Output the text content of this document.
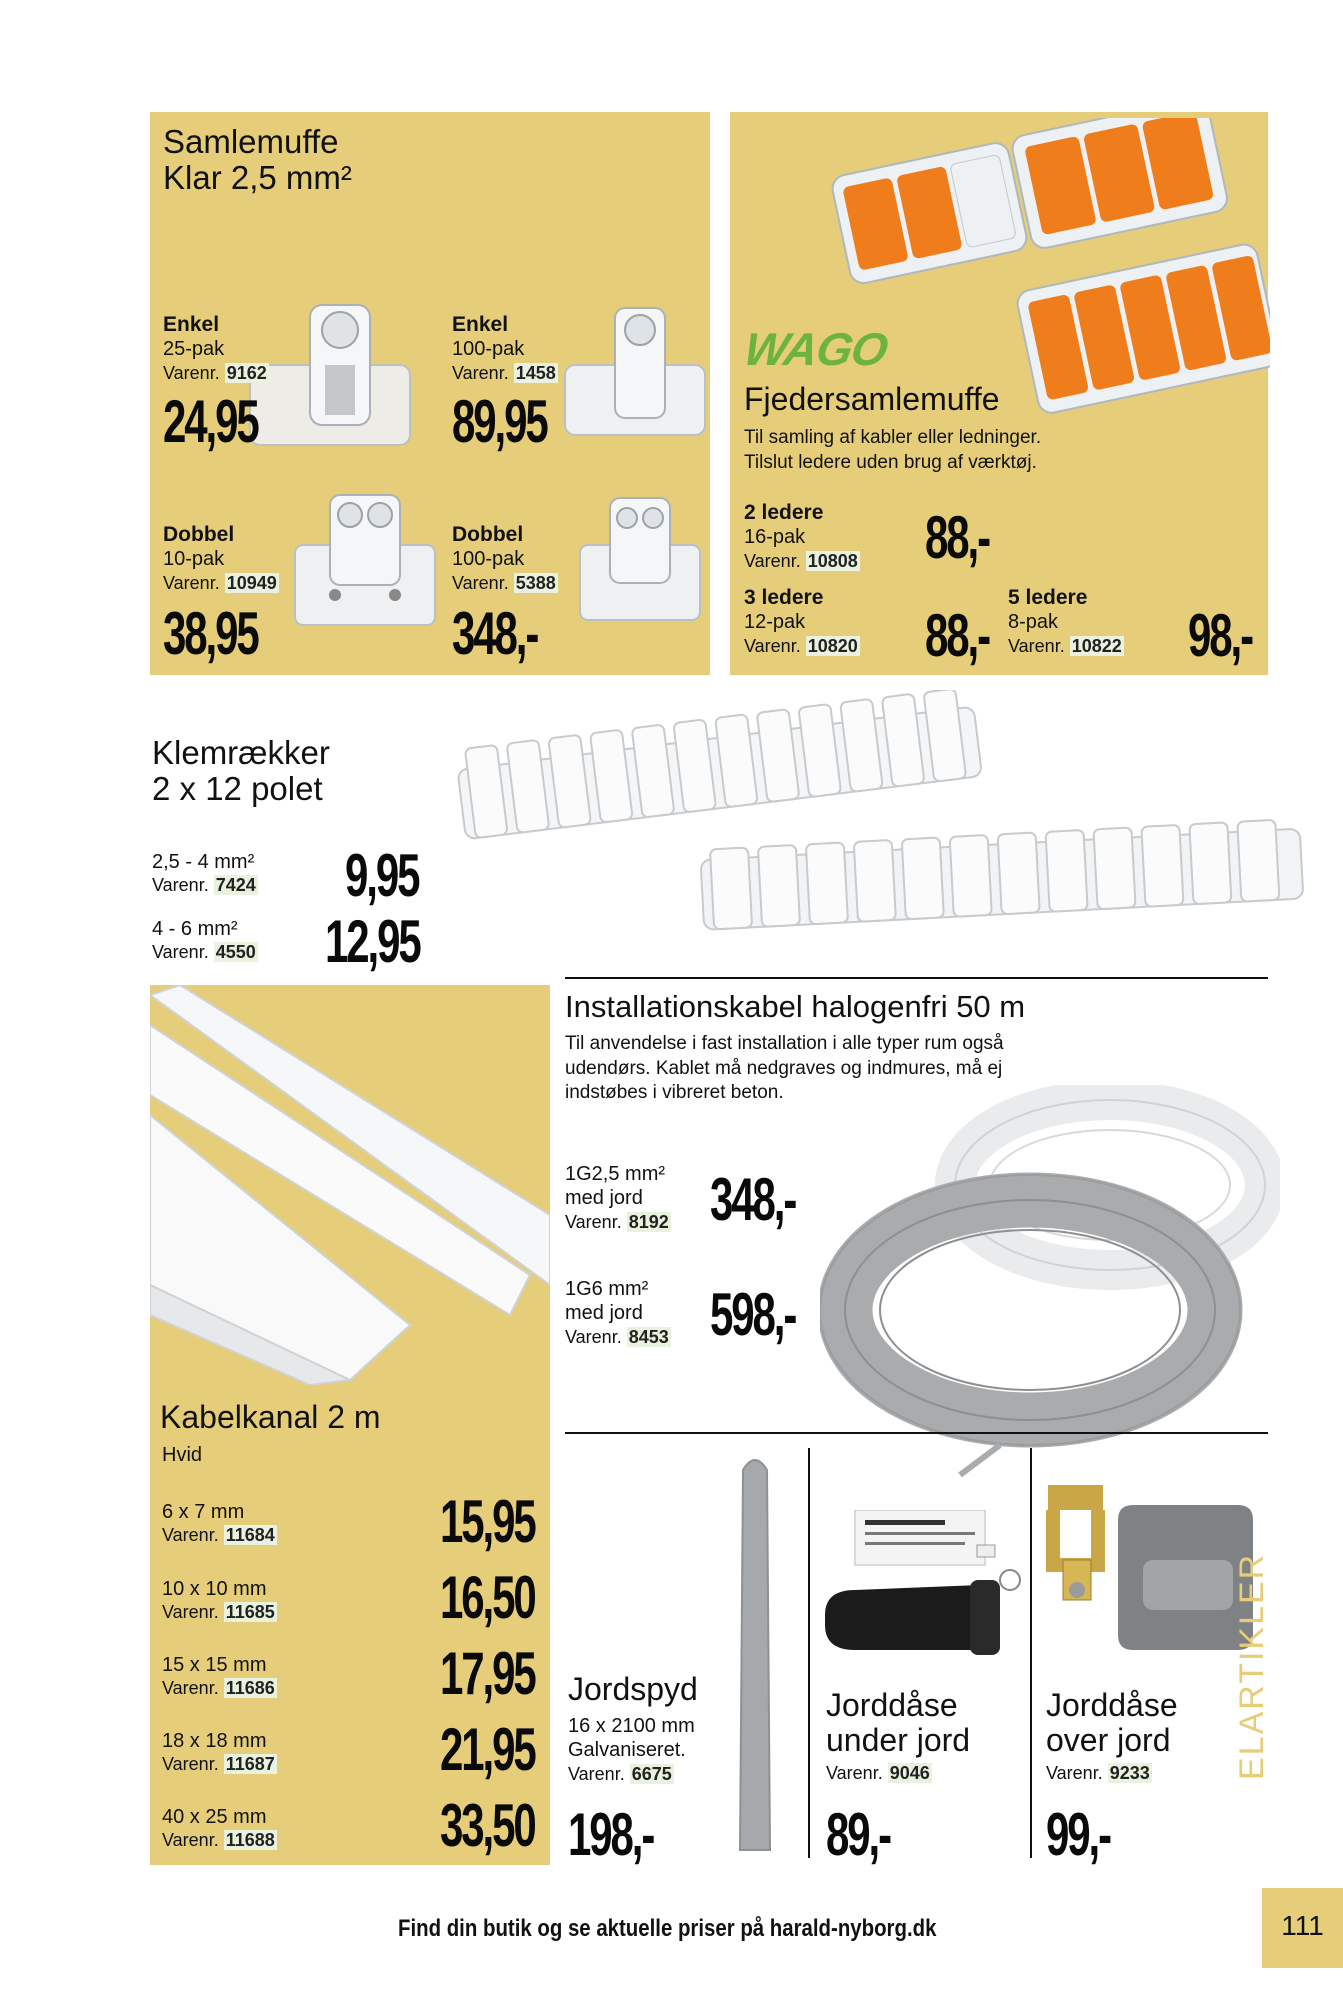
Samlemuffe
Klar 2,5 mm²
Enkel
25-pak
Varenr. 9162
24,95
Enkel
100-pak
Varenr. 1458
89,95
Dobbel
10-pak
Varenr. 10949
38,95
Dobbel
100-pak
Varenr. 5388
348,-
WAGO
Fjedersamlemuffe
Til samling af kabler eller ledninger.
Tilslut ledere uden brug af værktøj.
2 ledere
16-pak
Varenr. 10808 88,-
3 ledere
12-pak
Varenr. 10820 88,-
5 ledere
8-pak
Varenr. 10822 98,-
Klemrækker
2 x 12 polet
2,5 - 4 mm²
Varenr. 7424 9,95
4 - 6 mm²
Varenr. 4550 12,95
Kabelkanal 2 m
Hvid
6 x 7 mm
Varenr. 11684	15,95
10 x 10 mm
Varenr. 11685	16,50
15 x 15 mm
Varenr. 11686	17,95
18 x 18 mm
Varenr. 11687	21,95
40 x 25 mm
Varenr. 11688	33,50
Installationskabel halogenfri 50 m
Til anvendelse i fast installation i alle typer rum også
udendørs. Kablet må nedgraves og indmures, må ej
indstøbes i vibreret beton.
1G2,5 mm²
med jord
Varenr. 8192 348,-
1G6 mm²
med jord
Varenr. 8453 598,-
Jordspyd
16 x 2100 mm
Galvaniseret.
Varenr. 6675
198,-
Jorddåse
under jord
Varenr. 9046
89,-
Jorddåse
over jord
Varenr. 9233
99,-
ELARTIKLER
Find din butik og se aktuelle priser på harald-nyborg.dk	111
